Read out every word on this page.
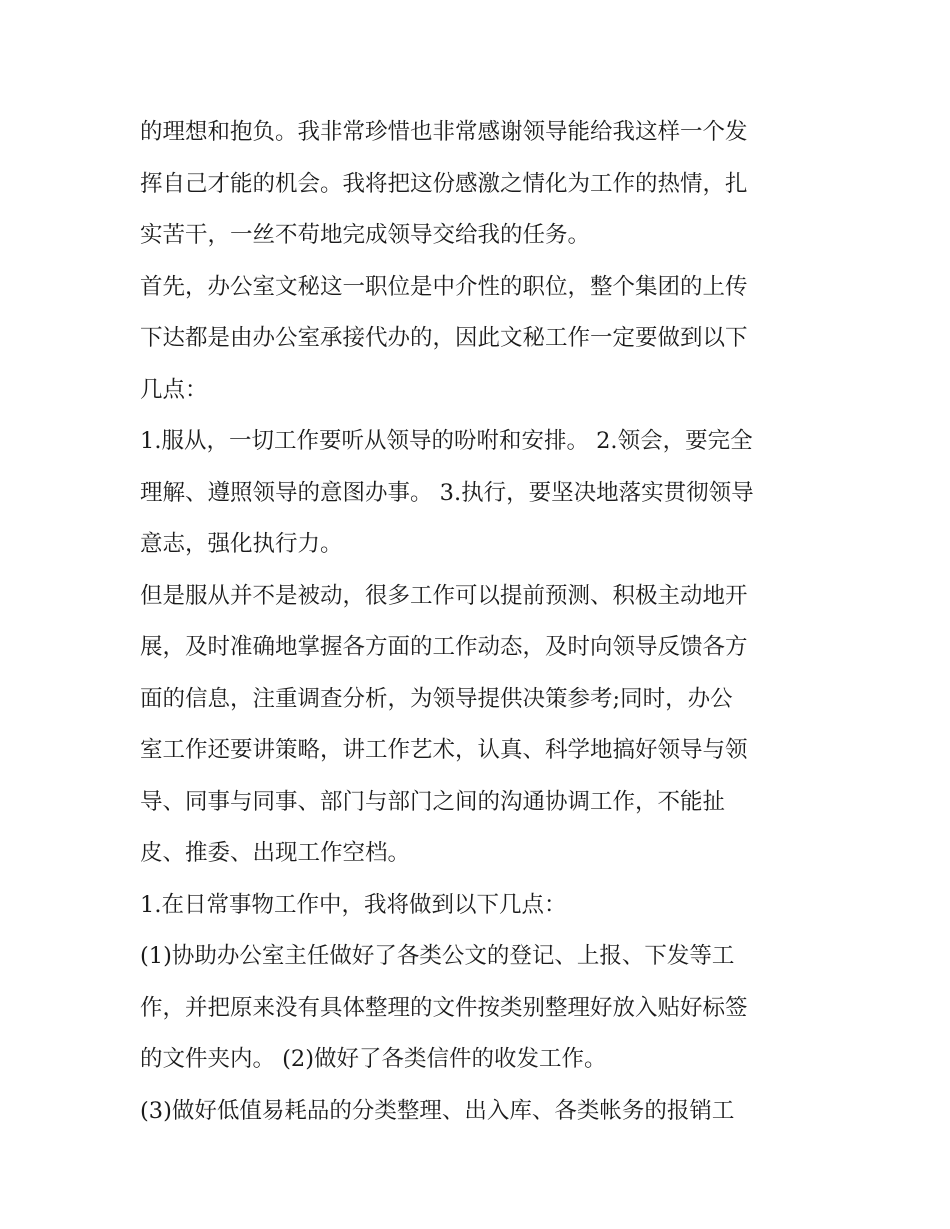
的理想和抱负。我非常珍惜也非常感谢领导能给我这样一个发
挥自己才能的机会。我将把这份感激之情化为工作的热情，扎
实苦干，一丝不苟地完成领导交给我的任务。
首先，办公室文秘这一职位是中介性的职位，整个集团的上传
下达都是由办公室承接代办的，因此文秘工作一定要做到以下
几点：
1.服从，一切工作要听从领导的吩咐和安排。 2.领会，要完全
理解、遵照领导的意图办事。 3.执行，要坚决地落实贯彻领导
意志，强化执行力。
但是服从并不是被动，很多工作可以提前预测、积极主动地开
展，及时准确地掌握各方面的工作动态，及时向领导反馈各方
面的信息，注重调查分析，为领导提供决策参考;同时，办公
室工作还要讲策略，讲工作艺术，认真、科学地搞好领导与领
导、同事与同事、部门与部门之间的沟通协调工作，不能扯
皮、推委、出现工作空档。
1.在日常事物工作中，我将做到以下几点：
(1)协助办公室主任做好了各类公文的登记、上报、下发等工
作，并把原来没有具体整理的文件按类别整理好放入贴好标签
的文件夹内。 (2)做好了各类信件的收发工作。
(3)做好低值易耗品的分类整理、出入库、各类帐务的报销工
